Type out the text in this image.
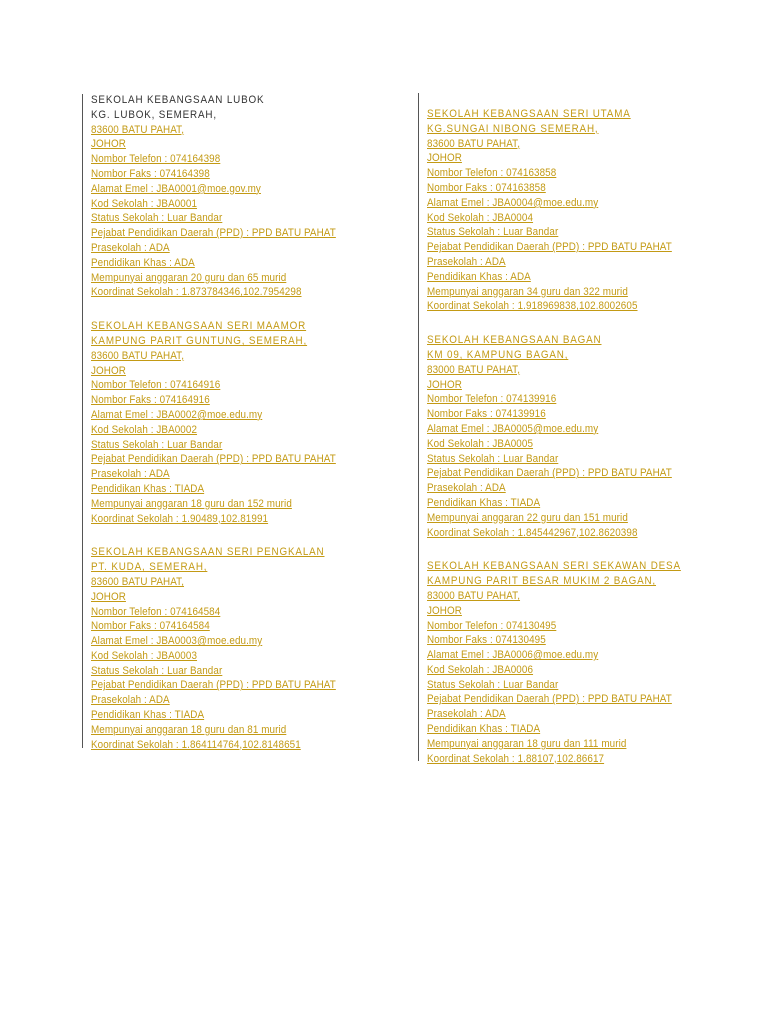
SEKOLAH KEBANGSAAN LUBOK
KG. LUBOK, SEMERAH,
83600 BATU PAHAT,
JOHOR
Nombor Telefon : 074164398
Nombor Faks : 074164398
Alamat Emel : JBA0001@moe.gov.my
Kod Sekolah : JBA0001
Status Sekolah : Luar Bandar
Pejabat Pendidikan Daerah (PPD) : PPD BATU PAHAT
Prasekolah : ADA
Pendidikan Khas : ADA
Mempunyai anggaran 20 guru dan 65 murid
Koordinat Sekolah : 1.873784346,102.7954298
SEKOLAH KEBANGSAAN SERI MAAMOR
KAMPUNG PARIT GUNTUNG, SEMERAH,
83600 BATU PAHAT,
JOHOR
Nombor Telefon : 074164916
Nombor Faks : 074164916
Alamat Emel : JBA0002@moe.edu.my
Kod Sekolah : JBA0002
Status Sekolah : Luar Bandar
Pejabat Pendidikan Daerah (PPD) : PPD BATU PAHAT
Prasekolah : ADA
Pendidikan Khas : TIADA
Mempunyai anggaran 18 guru dan 152 murid
Koordinat Sekolah : 1.90489,102.81991
SEKOLAH KEBANGSAAN SERI PENGKALAN
PT. KUDA, SEMERAH,
83600 BATU PAHAT,
JOHOR
Nombor Telefon : 074164584
Nombor Faks : 074164584
Alamat Emel : JBA0003@moe.edu.my
Kod Sekolah : JBA0003
Status Sekolah : Luar Bandar
Pejabat Pendidikan Daerah (PPD) : PPD BATU PAHAT
Prasekolah : ADA
Pendidikan Khas : TIADA
Mempunyai anggaran 18 guru dan 81 murid
Koordinat Sekolah : 1.864114764,102.8148651
SEKOLAH KEBANGSAAN SERI UTAMA
KG.SUNGAI NIBONG SEMERAH,
83600 BATU PAHAT,
JOHOR
Nombor Telefon : 074163858
Nombor Faks : 074163858
Alamat Emel : JBA0004@moe.edu.my
Kod Sekolah : JBA0004
Status Sekolah : Luar Bandar
Pejabat Pendidikan Daerah (PPD) : PPD BATU PAHAT
Prasekolah : ADA
Pendidikan Khas : ADA
Mempunyai anggaran 34 guru dan 322 murid
Koordinat Sekolah : 1.918969838,102.8002605
SEKOLAH KEBANGSAAN BAGAN
KM 09, KAMPUNG BAGAN,
83000 BATU PAHAT,
JOHOR
Nombor Telefon : 074139916
Nombor Faks : 074139916
Alamat Emel : JBA0005@moe.edu.my
Kod Sekolah : JBA0005
Status Sekolah : Luar Bandar
Pejabat Pendidikan Daerah (PPD) : PPD BATU PAHAT
Prasekolah : ADA
Pendidikan Khas : TIADA
Mempunyai anggaran 22 guru dan 151 murid
Koordinat Sekolah : 1.845442967,102.8620398
SEKOLAH KEBANGSAAN SERI SEKAWAN DESA
KAMPUNG PARIT BESAR MUKIM 2 BAGAN,
83000 BATU PAHAT,
JOHOR
Nombor Telefon : 074130495
Nombor Faks : 074130495
Alamat Emel : JBA0006@moe.edu.my
Kod Sekolah : JBA0006
Status Sekolah : Luar Bandar
Pejabat Pendidikan Daerah (PPD) : PPD BATU PAHAT
Prasekolah : ADA
Pendidikan Khas : TIADA
Mempunyai anggaran 18 guru dan 111 murid
Koordinat Sekolah : 1.88107,102.86617
